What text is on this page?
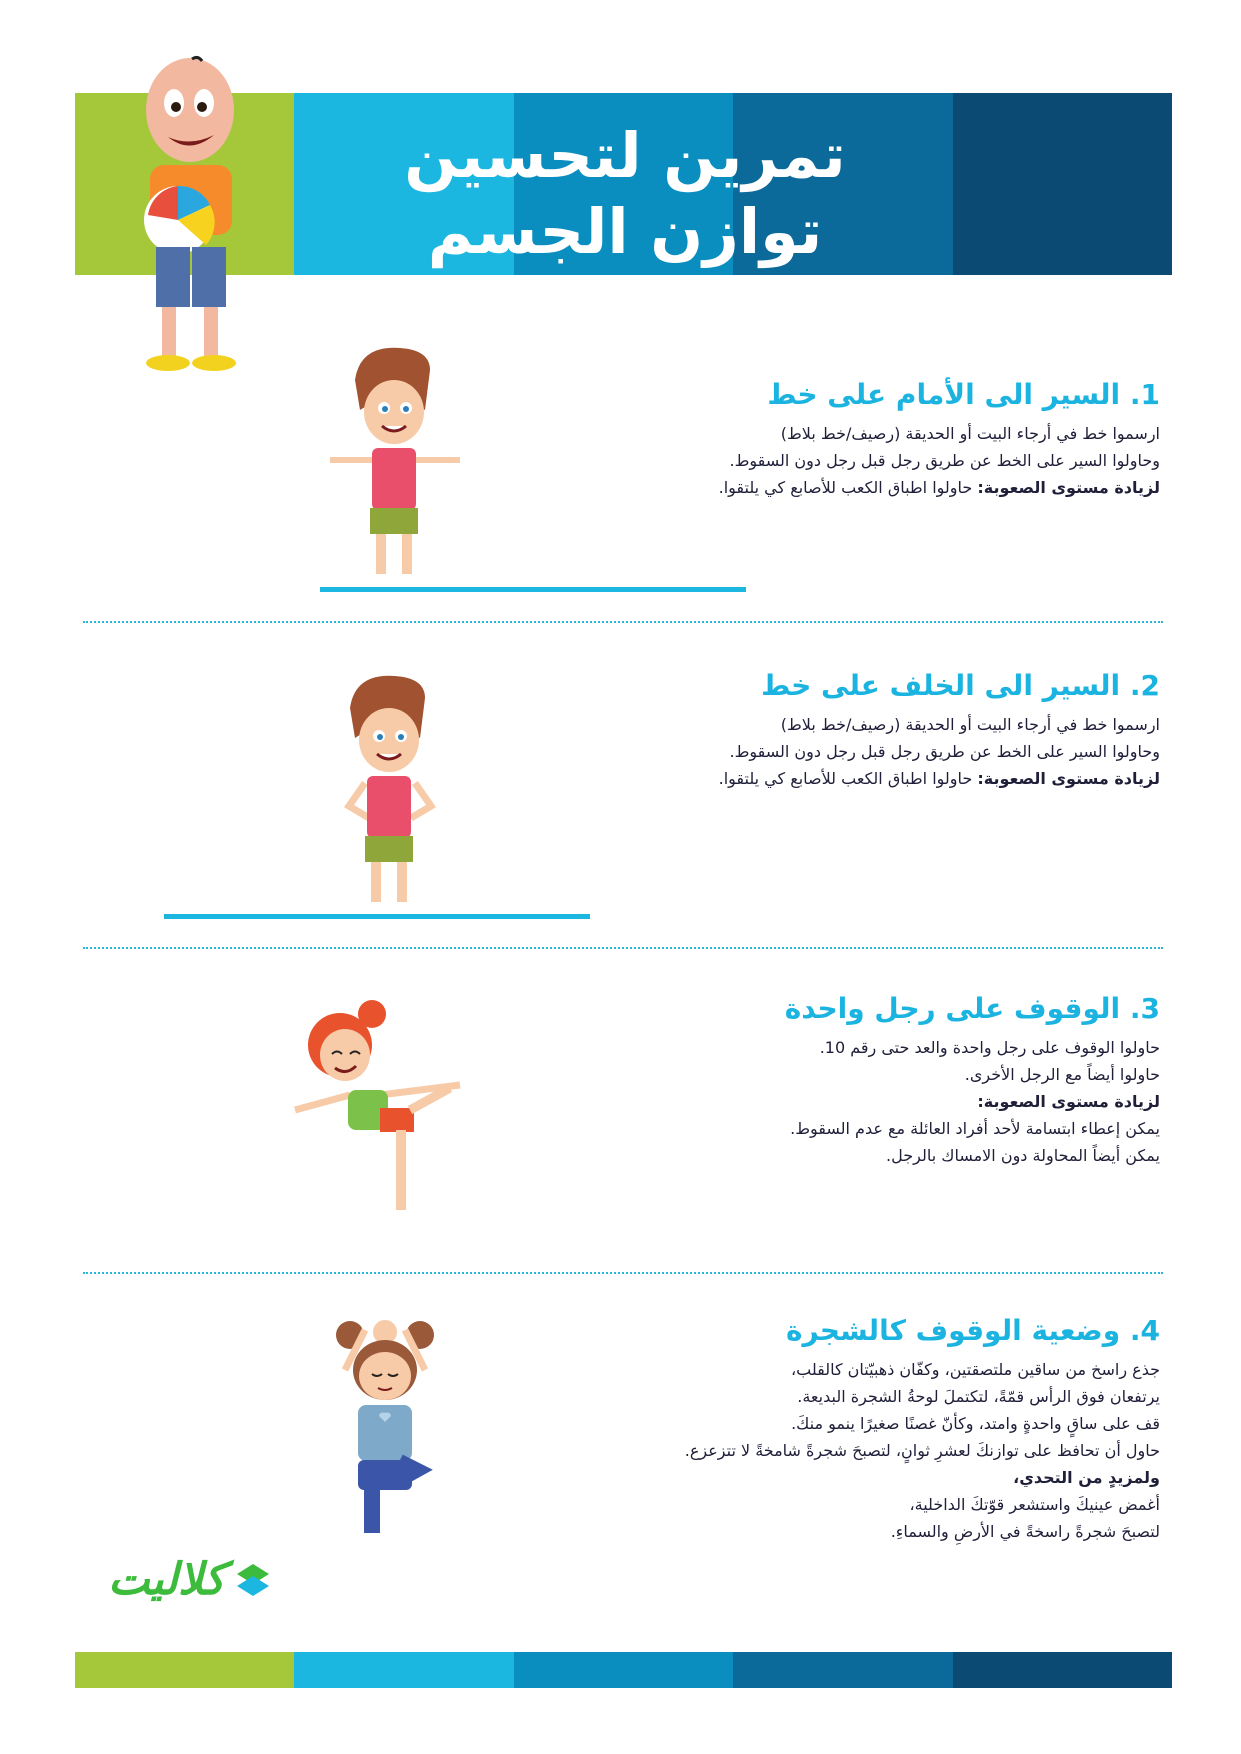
تمرين لتحسين
توازن الجسم
1. السير الى الأمام على خط
ارسموا خط في أرجاء البيت أو الحديقة (رصيف/خط بلاط)
وحاولوا السير على الخط عن طريق رجل قبل رجل دون السقوط.
لزيادة مستوى الصعوبة: حاولوا اطباق الكعب للأصابع كي يلتقوا.
2. السير الى الخلف على خط
ارسموا خط في أرجاء البيت أو الحديقة (رصيف/خط بلاط)
وحاولوا السير على الخط عن طريق رجل قبل رجل دون السقوط.
لزيادة مستوى الصعوبة: حاولوا اطباق الكعب للأصابع كي يلتقوا.
3. الوقوف على رجل واحدة
حاولوا الوقوف على رجل واحدة والعد حتى رقم 10.
حاولوا أيضاً مع الرجل الأخرى.
لزيادة مستوى الصعوبة:
يمكن إعطاء ابتسامة لأحد أفراد العائلة مع عدم السقوط.
يمكن أيضاً المحاولة دون الامساك بالرجل.
4. وضعية الوقوف كالشجرة
جذع راسخ من ساقين ملتصقتين، وكفّان ذهبيّتان كالقلب،
يرتفعان فوق الرأس قمّةً، لتكتملَ لوحةُ الشجرة البديعة.
قف على ساقٍ واحدةٍ وامتد، وكأنّ غصنًا صغيرًا ينمو منكَ.
حاول أن تحافظ على توازنكَ لعشرِ ثوانٍ، لتصبحَ شجرةً شامخةً لا تتزعزع.
ولمزيدٍ من التحدي،
أغمض عينيكَ واستشعر قوّتكَ الداخلية،
لتصبحَ شجرةً راسخةً في الأرضِ والسماءِ.
كلاليت
